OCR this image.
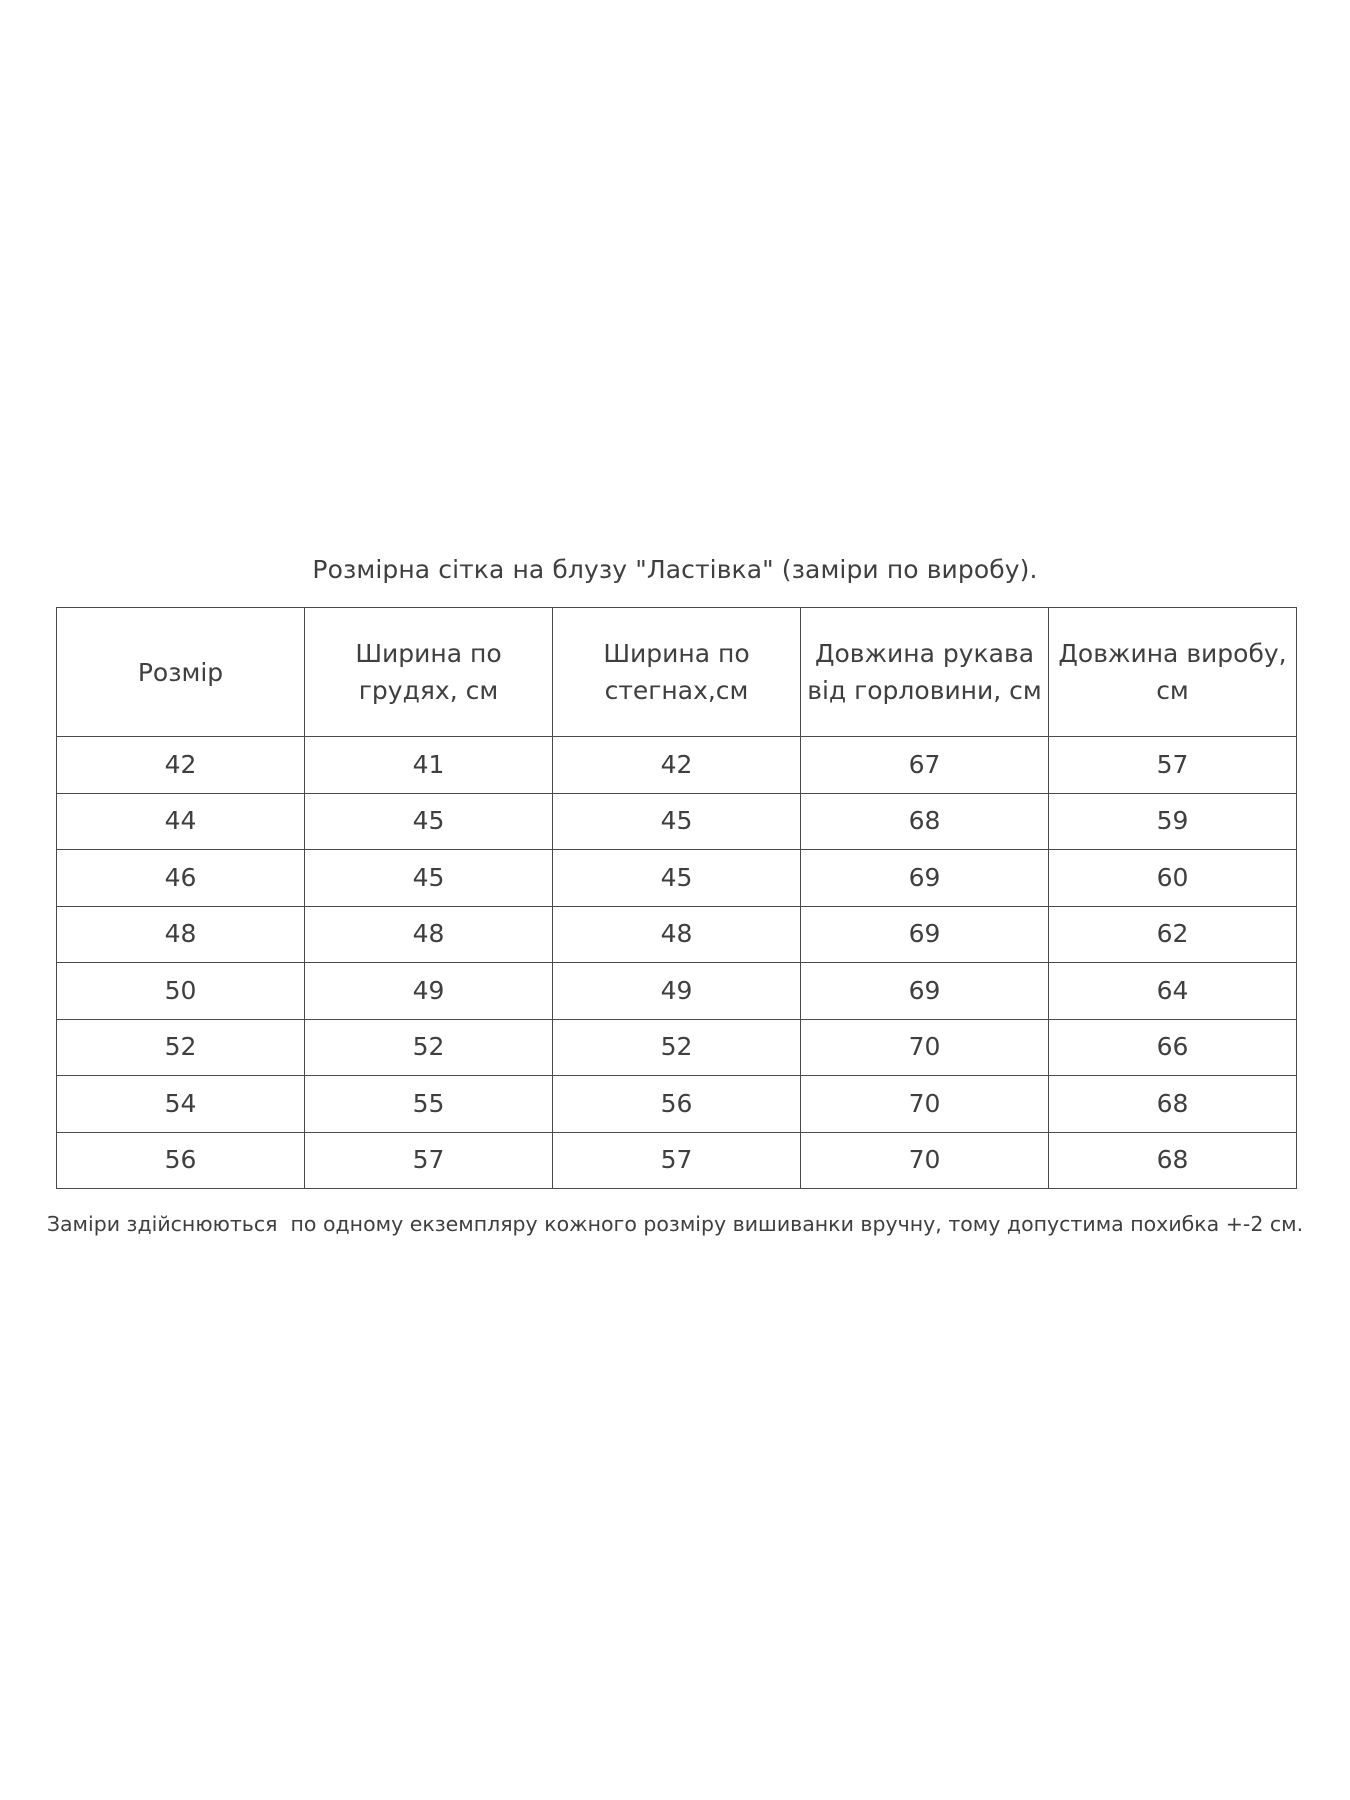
Розмірна сітка на блузу "Ластівка" (заміри по виробу).
Розмір	Ширина по грудях, см	Ширина по стегнах,см	Довжина рукава від горловини, см	Довжина виробу, см
42	41	42	67	57
44	45	45	68	59
46	45	45	69	60
48	48	48	69	62
50	49	49	69	64
52	52	52	70	66
54	55	56	70	68
56	57	57	70	68
Заміри здійснюються  по одному екземпляру кожного розміру вишиванки вручну, тому допустима похибка +-2 см.
